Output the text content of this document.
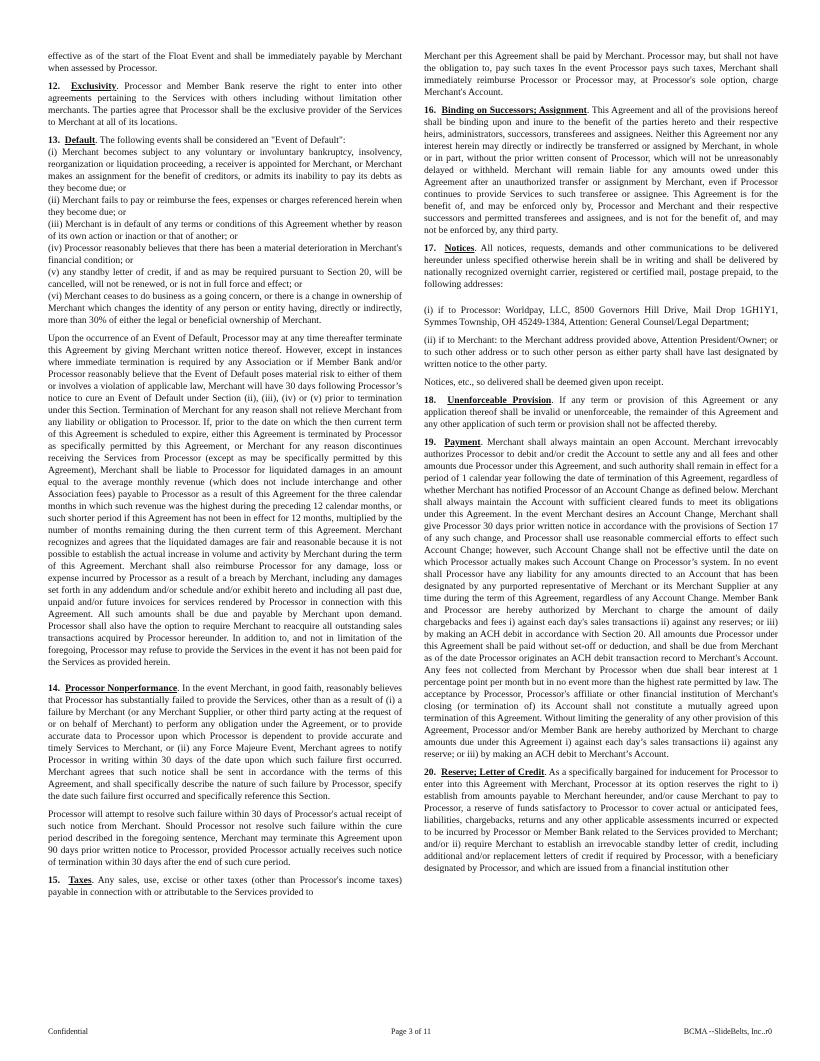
effective as of the start of the Float Event and shall be immediately payable by Merchant when assessed by Processor.

12. Exclusivity. Processor and Member Bank reserve the right to enter into other agreements pertaining to the Services with others including without limitation other merchants. The parties agree that Processor shall be the exclusive provider of the Services to Merchant at all of its locations.

13. Default. The following events shall be considered an "Event of Default":

(i) Merchant becomes subject to any voluntary or involuntary bankruptcy, insolvency, reorganization or liquidation proceeding, a receiver is appointed for Merchant, or Merchant makes an assignment for the benefit of creditors, or admits its inability to pay its debts as they become due; or

(ii) Merchant fails to pay or reimburse the fees, expenses or charges referenced herein when they become due; or

(iii) Merchant is in default of any terms or conditions of this Agreement whether by reason of its own action or inaction or that of another; or

(iv) Processor reasonably believes that there has been a material deterioration in Merchant's financial condition; or

(v) any standby letter of credit, if and as may be required pursuant to Section 20, will be cancelled, will not be renewed, or is not in full force and effect; or

(vi) Merchant ceases to do business as a going concern, or there is a change in ownership of Merchant which changes the identity of any person or entity having, directly or indirectly, more than 30% of either the legal or beneficial ownership of Merchant.

Upon the occurrence of an Event of Default, Processor may at any time thereafter terminate this Agreement by giving Merchant written notice thereof. However, except in instances where immediate termination is required by any Association or if Member Bank and/or Processor reasonably believe that the Event of Default poses material risk to either of them or involves a violation of applicable law, Merchant will have 30 days following Processor’s notice to cure an Event of Default under Section (ii), (iii), (iv) or (v) prior to termination under this Section. Termination of Merchant for any reason shall not relieve Merchant from any liability or obligation to Processor. If, prior to the date on which the then current term of this Agreement is scheduled to expire, either this Agreement is terminated by Processor as specifically permitted by this Agreement, or Merchant for any reason discontinues receiving the Services from Processor (except as may be specifically permitted by this Agreement), Merchant shall be liable to Processor for liquidated damages in an amount equal to the average monthly revenue (which does not include interchange and other Association fees) payable to Processor as a result of this Agreement for the three calendar months in which such revenue was the highest during the preceding 12 calendar months, or such shorter period if this Agreement has not been in effect for 12 months, multiplied by the number of months remaining during the then current term of this Agreement. Merchant recognizes and agrees that the liquidated damages are fair and reasonable because it is not possible to establish the actual increase in volume and activity by Merchant during the term of this Agreement. Merchant shall also reimburse Processor for any damage, loss or expense incurred by Processor as a result of a breach by Merchant, including any damages set forth in any addendum and/or schedule and/or exhibit hereto and including all past due, unpaid and/or future invoices for services rendered by Processor in connection with this Agreement. All such amounts shall be due and payable by Merchant upon demand. Processor shall also have the option to require Merchant to reacquire all outstanding sales transactions acquired by Processor hereunder. In addition to, and not in limitation of the foregoing, Processor may refuse to provide the Services in the event it has not been paid for the Services as provided herein.

14. Processor Nonperformance. In the event Merchant, in good faith, reasonably believes that Processor has substantially failed to provide the Services, other than as a result of (i) a failure by Merchant (or any Merchant Supplier, or other third party acting at the request of or on behalf of Merchant) to perform any obligation under the Agreement, or to provide accurate data to Processor upon which Processor is dependent to provide accurate and timely Services to Merchant, or (ii) any Force Majeure Event, Merchant agrees to notify Processor in writing within 30 days of the date upon which such failure first occurred. Merchant agrees that such notice shall be sent in accordance with the terms of this Agreement, and shall specifically describe the nature of such failure by Processor, specify the date such failure first occurred and specifically reference this Section.

Processor will attempt to resolve such failure within 30 days of Processor's actual receipt of such notice from Merchant. Should Processor not resolve such failure within the cure period described in the foregoing sentence, Merchant may terminate this Agreement upon 90 days prior written notice to Processor, provided Processor actually receives such notice of termination within 30 days after the end of such cure period.

15. Taxes. Any sales, use, excise or other taxes (other than Processor's income taxes) payable in connection with or attributable to the Services provided to

Merchant per this Agreement shall be paid by Merchant. Processor may, but shall not have the obligation to, pay such taxes In the event Processor pays such taxes, Merchant shall immediately reimburse Processor or Processor may, at Processor's sole option, charge Merchant's Account.

16. Binding on Successors; Assignment. This Agreement and all of the provisions hereof shall be binding upon and inure to the benefit of the parties hereto and their respective heirs, administrators, successors, transferees and assignees. Neither this Agreement nor any interest herein may directly or indirectly be transferred or assigned by Merchant, in whole or in part, without the prior written consent of Processor, which will not be unreasonably delayed or withheld. Merchant will remain liable for any amounts owed under this Agreement after an unauthorized transfer or assignment by Merchant, even if Processor continues to provide Services to such transferee or assignee. This Agreement is for the benefit of, and may be enforced only by, Processor and Merchant and their respective successors and permitted transferees and assignees, and is not for the benefit of, and may not be enforced by, any third party.

17. Notices. All notices, requests, demands and other communications to be delivered hereunder unless specified otherwise herein shall be in writing and shall be delivered by nationally recognized overnight carrier, registered or certified mail, postage prepaid, to the following addresses:

(i) if to Processor: Worldpay, LLC, 8500 Governors Hill Drive, Mail Drop 1GH1Y1, Symmes Township, OH 45249-1384, Attention: General Counsel/Legal Department;

(ii) if to Merchant: to the Merchant address provided above, Attention President/Owner; or to such other address or to such other person as either party shall have last designated by written notice to the other party.

Notices, etc., so delivered shall be deemed given upon receipt.

18. Unenforceable Provision. If any term or provision of this Agreement or any application thereof shall be invalid or unenforceable, the remainder of this Agreement and any other application of such term or provision shall not be affected thereby.

19. Payment. Merchant shall always maintain an open Account. Merchant irrevocably authorizes Processor to debit and/or credit the Account to settle any and all fees and other amounts due Processor under this Agreement, and such authority shall remain in effect for a period of 1 calendar year following the date of termination of this Agreement, regardless of whether Merchant has notified Processor of an Account Change as defined below. Merchant shall always maintain the Account with sufficient cleared funds to meet its obligations under this Agreement. In the event Merchant desires an Account Change, Merchant shall give Processor 30 days prior written notice in accordance with the provisions of Section 17 of any such change, and Processor shall use reasonable commercial efforts to effect such Account Change; however, such Account Change shall not be effective until the date on which Processor actually makes such Account Change on Processor’s system. In no event shall Processor have any liability for any amounts directed to an Account that has been designated by any purported representative of Merchant or its Merchant Supplier at any time during the term of this Agreement, regardless of any Account Change. Member Bank and Processor are hereby authorized by Merchant to charge the amount of daily chargebacks and fees i) against each day's sales transactions ii) against any reserves; or iii) by making an ACH debit in accordance with Section 20. All amounts due Processor under this Agreement shall be paid without set-off or deduction, and shall be due from Merchant as of the date Processor originates an ACH debit transaction record to Merchant's Account. Any fees not collected from Merchant by Processor when due shall bear interest at 1 percentage point per month but in no event more than the highest rate permitted by law. The acceptance by Processor, Processor's affiliate or other financial institution of Merchant's closing (or termination of) its Account shall not constitute a mutually agreed upon termination of this Agreement. Without limiting the generality of any other provision of this Agreement, Processor and/or Member Bank are hereby authorized by Merchant to charge amounts due under this Agreement i) against each day’s sales transactions ii) against any reserve; or iii) by making an ACH debit to Merchant’s Account.

20. Reserve; Letter of Credit. As a specifically bargained for inducement for Processor to enter into this Agreement with Merchant, Processor at its option reserves the right to i) establish from amounts payable to Merchant hereunder, and/or cause Merchant to pay to Processor, a reserve of funds satisfactory to Processor to cover actual or anticipated fees, liabilities, chargebacks, returns and any other applicable assessments incurred or expected to be incurred by Processor or Member Bank related to the Services provided to Merchant; and/or ii) require Merchant to establish an irrevocable standby letter of credit, including additional and/or replacement letters of credit if required by Processor, with a beneficiary designated by Processor, and which are issued from a financial institution other

Confidential	Page 3 of 11	BCMA --SlideBelts, Inc..r0
